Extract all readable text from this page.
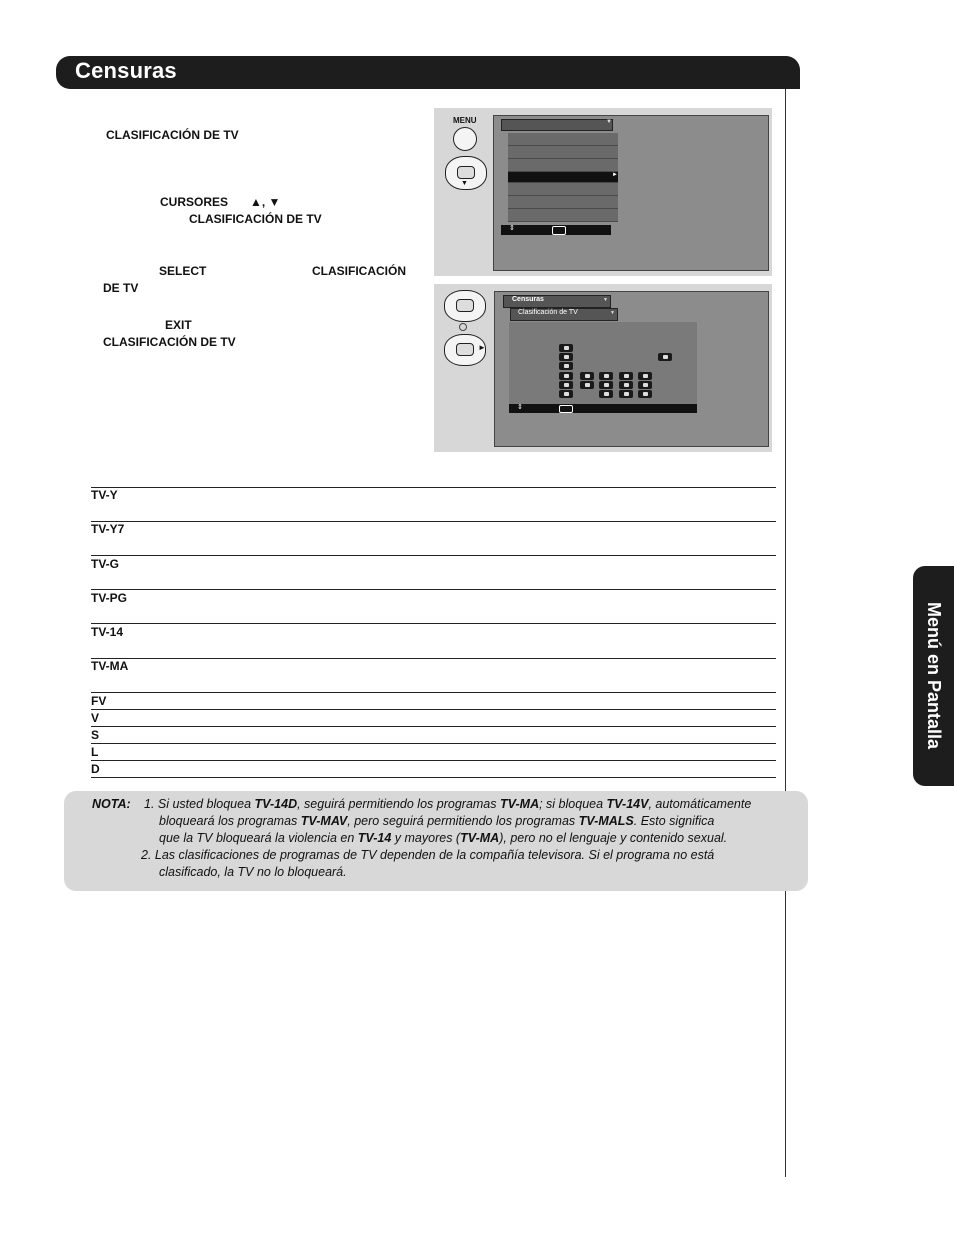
Censuras
Menú en Pantalla
CLASIFICACIÓN DE TV
CURSORES ▲, ▼
CLASIFICACIÓN DE TV
SELECT	CLASIFICACIÓN
DE TV
EXIT
CLASIFICACIÓN DE TV
MENU
▼
▼
►
⇕
►
Censuras	▼
Clasificación de TV	▼
⇕
TV-Y
TV-Y7
TV-G
TV-PG
TV-14
TV-MA
FV
V
S
L
D
NOTA: 1. Si usted bloquea TV-14D, seguirá permitiendo los programas TV-MA; si bloquea TV-14V, automáticamente
bloqueará los programas TV-MAV, pero seguirá permitiendo los programas TV-MALS. Esto significa
que la TV bloqueará la violencia en TV-14 y mayores (TV-MA), pero no el lenguaje y contenido sexual.
2. Las clasificaciones de programas de TV dependen de la compañía televisora. Si el programa no está
clasificado, la TV no lo bloqueará.
